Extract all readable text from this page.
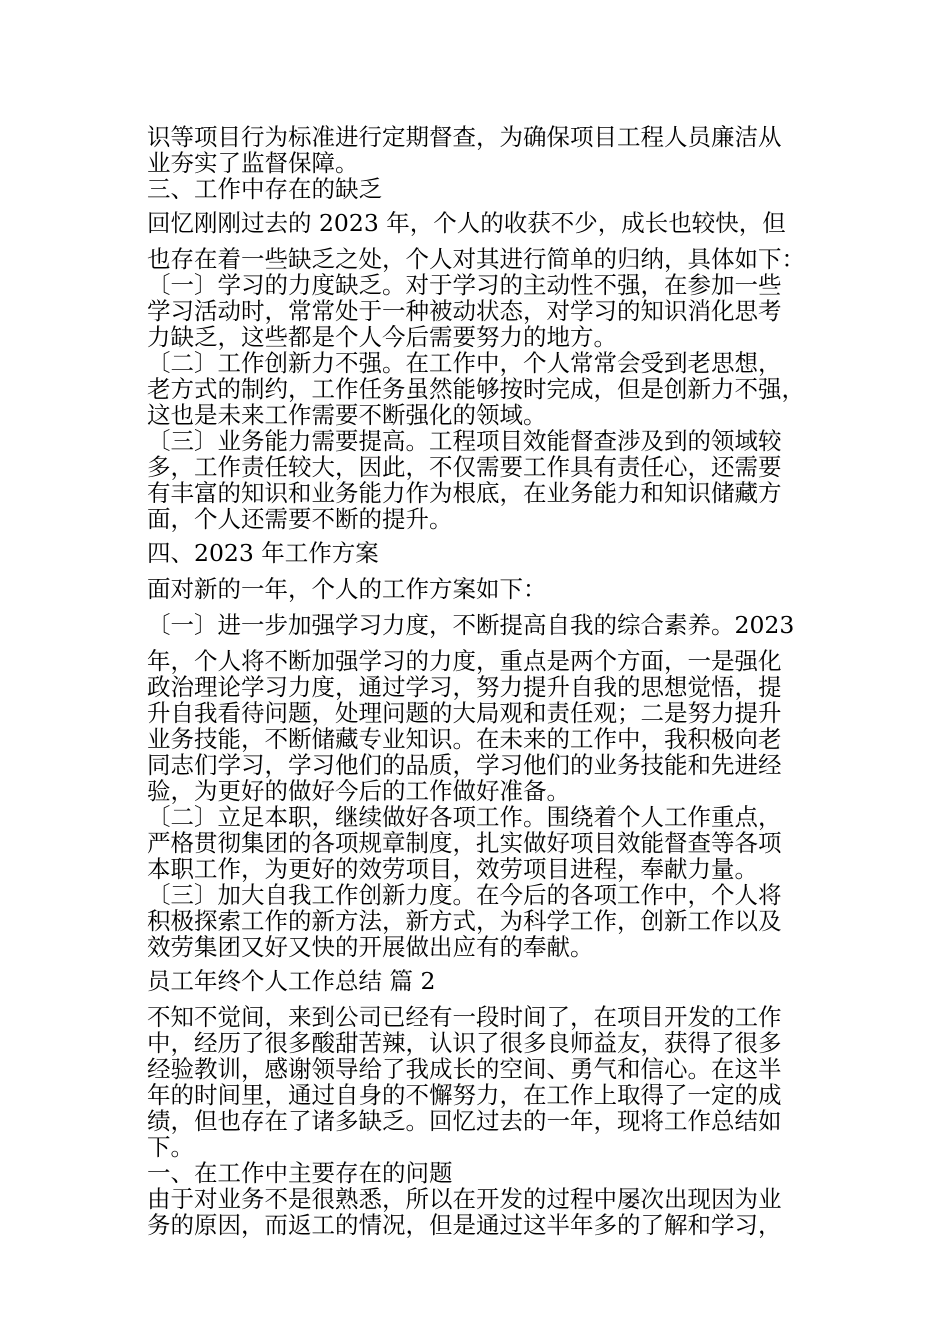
识等项目行为标准进行定期督查，为确保项目工程人员廉洁从
业夯实了监督保障。
三、工作中存在的缺乏
回忆刚刚过去的 2023 年，个人的收获不少，成长也较快，但
也存在着一些缺乏之处，个人对其进行简单的归纳，具体如下：
〔一〕学习的力度缺乏。对于学习的主动性不强，在参加一些
学习活动时，常常处于一种被动状态，对学习的知识消化思考
力缺乏，这些都是个人今后需要努力的地方。
〔二〕工作创新力不强。在工作中，个人常常会受到老思想，
老方式的制约，工作任务虽然能够按时完成，但是创新力不强，
这也是未来工作需要不断强化的领域。
〔三〕业务能力需要提高。工程项目效能督查涉及到的领域较
多，工作责任较大，因此，不仅需要工作具有责任心，还需要
有丰富的知识和业务能力作为根底，在业务能力和知识储藏方
面，个人还需要不断的提升。
四、2023 年工作方案
面对新的一年，个人的工作方案如下：
〔一〕进一步加强学习力度，不断提高自我的综合素养。2023
年，个人将不断加强学习的力度，重点是两个方面，一是强化
政治理论学习力度，通过学习，努力提升自我的思想觉悟，提
升自我看待问题，处理问题的大局观和责任观；二是努力提升
业务技能，不断储藏专业知识。在未来的工作中，我积极向老
同志们学习，学习他们的品质，学习他们的业务技能和先进经
验，为更好的做好今后的工作做好准备。
〔二〕立足本职，继续做好各项工作。围绕着个人工作重点，
严格贯彻集团的各项规章制度，扎实做好项目效能督查等各项
本职工作，为更好的效劳项目，效劳项目进程，奉献力量。
〔三〕加大自我工作创新力度。在今后的各项工作中，个人将
积极探索工作的新方法，新方式，为科学工作，创新工作以及
效劳集团又好又快的开展做出应有的奉献。
员工年终个人工作总结 篇 2
不知不觉间，来到公司已经有一段时间了，在项目开发的工作
中，经历了很多酸甜苦辣，认识了很多良师益友，获得了很多
经验教训，感谢领导给了我成长的空间、勇气和信心。在这半
年的时间里，通过自身的不懈努力，在工作上取得了一定的成
绩，但也存在了诸多缺乏。回忆过去的一年，现将工作总结如
下。
一、在工作中主要存在的问题
由于对业务不是很熟悉，所以在开发的过程中屡次出现因为业
务的原因，而返工的情况，但是通过这半年多的了解和学习，
